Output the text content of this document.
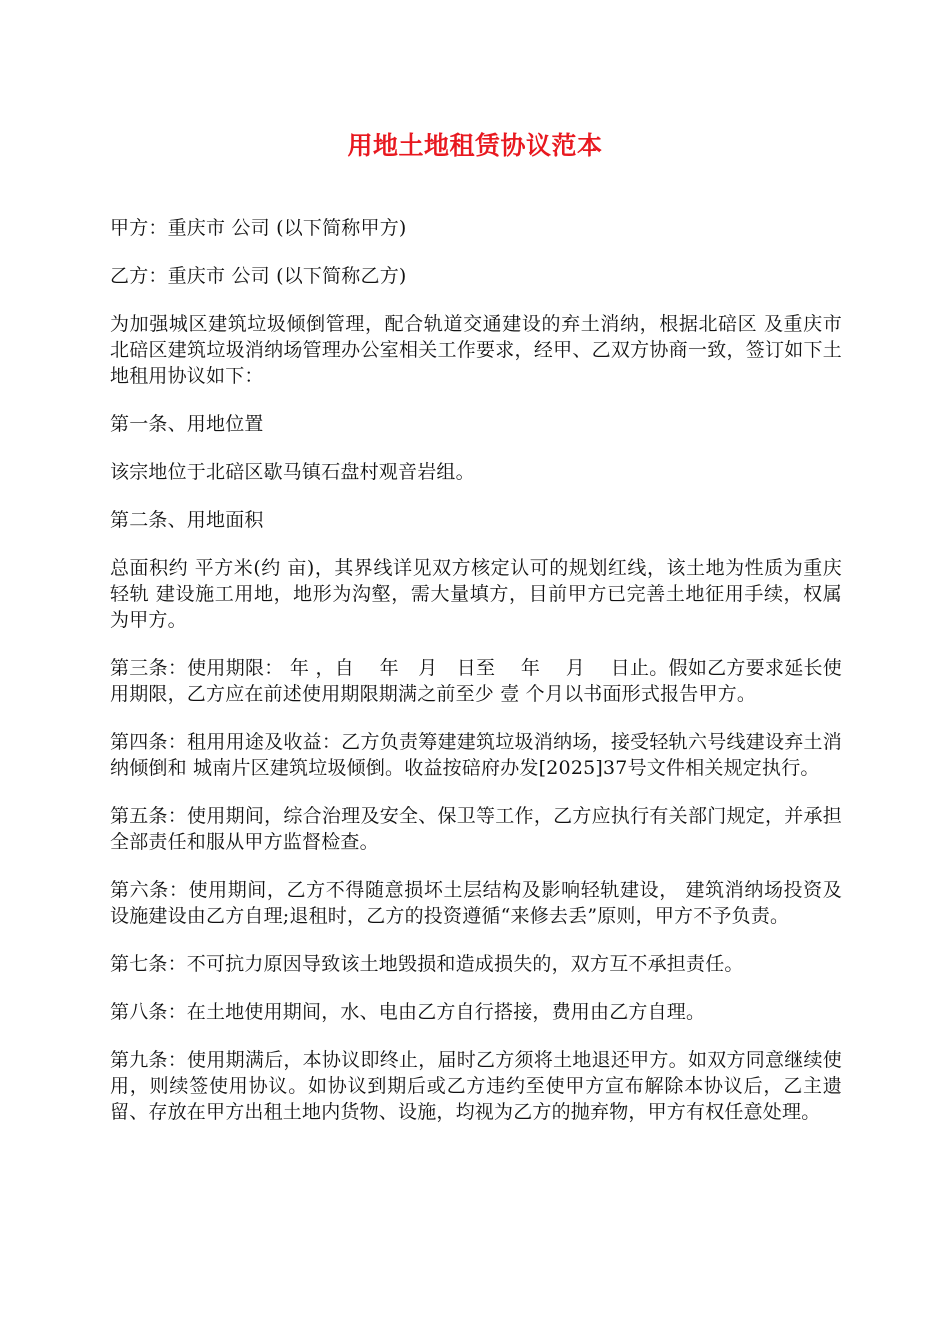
用地土地租赁协议范本

甲方：重庆市 公司 (以下简称甲方)

乙方：重庆市 公司 (以下简称乙方)

为加强城区建筑垃圾倾倒管理，配合轨道交通建设的弃土消纳，根据北碚区 及重庆市北碚区建筑垃圾消纳场管理办公室相关工作要求，经甲、乙双方协商一致，签订如下土地租用协议如下：

第一条、用地位置

该宗地位于北碚区歇马镇石盘村观音岩组。

第二条、用地面积

总面积约 平方米(约 亩)，其界线详见双方核定认可的规划红线，该土地为性质为重庆轻轨 建设施工用地，地形为沟壑，需大量填方，目前甲方已完善土地征用手续，权属为甲方。

第三条：使用期限： 年 ，自　 年　月　日至　 年　 月　 日止。假如乙方要求延长使用期限，乙方应在前述使用期限期满之前至少 壹 个月以书面形式报告甲方。

第四条：租用用途及收益：乙方负责筹建建筑垃圾消纳场，接受轻轨六号线建设弃土消纳倾倒和 城南片区建筑垃圾倾倒。收益按碚府办发[2025]37号文件相关规定执行。

第五条：使用期间，综合治理及安全、保卫等工作，乙方应执行有关部门规定，并承担全部责任和服从甲方监督检查。

第六条：使用期间，乙方不得随意损坏土层结构及影响轻轨建设， 建筑消纳场投资及设施建设由乙方自理;退租时，乙方的投资遵循“来修去丢”原则，甲方不予负责。

第七条：不可抗力原因导致该土地毁损和造成损失的，双方互不承担责任。

第八条：在土地使用期间，水、电由乙方自行搭接，费用由乙方自理。

第九条：使用期满后，本协议即终止，届时乙方须将土地退还甲方。如双方同意继续使用，则续签使用协议。如协议到期后或乙方违约至使甲方宣布解除本协议后，乙主遗留、存放在甲方出租土地内货物、设施，均视为乙方的抛弃物，甲方有权任意处理。
